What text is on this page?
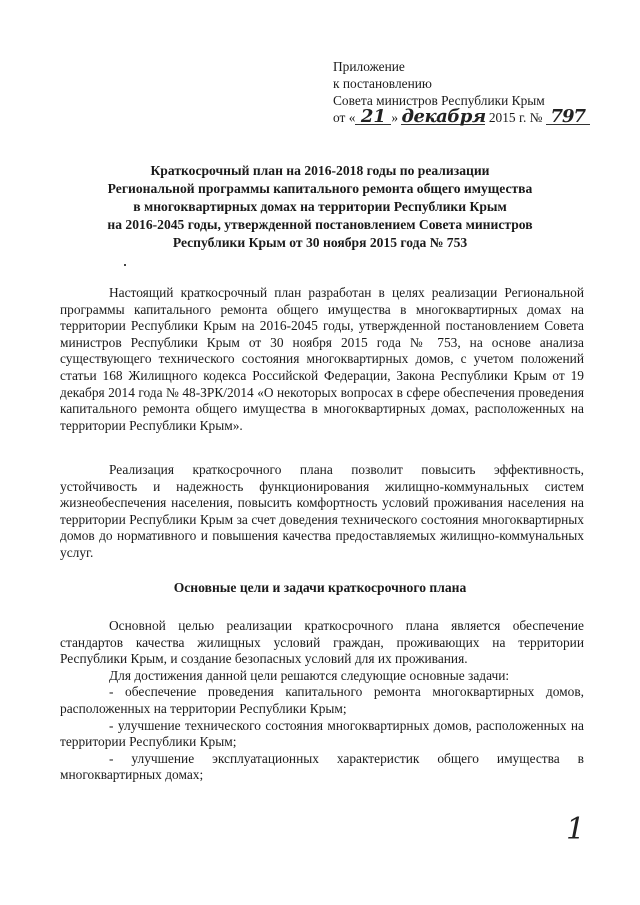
Приложение
к постановлению
Совета министров Республики Крым
от « 21 » декабря 2015 г. № 797
Краткосрочный план на 2016-2018 годы по реализации
Региональной программы капитального ремонта общего имущества
в многоквартирных домах на территории Республики Крым
на 2016-2045 годы, утвержденной постановлением Совета министров
Республики Крым от 30 ноября 2015 года № 753

Настоящий краткосрочный план разработан в целях реализации Региональной программы капитального ремонта общего имущества в многоквартирных домах на территории Республики Крым на 2016-2045 годы, утвержденной постановлением Совета министров Республики Крым от 30 ноября 2015 года № 753, на основе анализа существующего технического состояния многоквартирных домов, с учетом положений статьи 168 Жилищного кодекса Российской Федерации, Закона Республики Крым от 19 декабря 2014 года № 48-ЗРК/2014 «О некоторых вопросах в сфере обеспечения проведения капитального ремонта общего имущества в многоквартирных домах, расположенных на территории Республики Крым».

Реализация краткосрочного плана позволит повысить эффективность, устойчивость и надежность функционирования жилищно-коммунальных систем жизнеобеспечения населения, повысить комфортность условий проживания населения на территории Республики Крым за счет доведения технического состояния многоквартирных домов до нормативного и повышения качества предоставляемых жилищно-коммунальных услуг.

Основные цели и задачи краткосрочного плана

Основной целью реализации краткосрочного плана является обеспечение стандартов качества жилищных условий граждан, проживающих на территории Республики Крым, и создание безопасных условий для их проживания.

Для достижения данной цели решаются следующие основные задачи:

- обеспечение проведения капитального ремонта многоквартирных домов, расположенных на территории Республики Крым;

- улучшение технического состояния многоквартирных домов, расположенных на территории Республики Крым;

- улучшение эксплуатационных характеристик общего имущества в многоквартирных домах;

1
